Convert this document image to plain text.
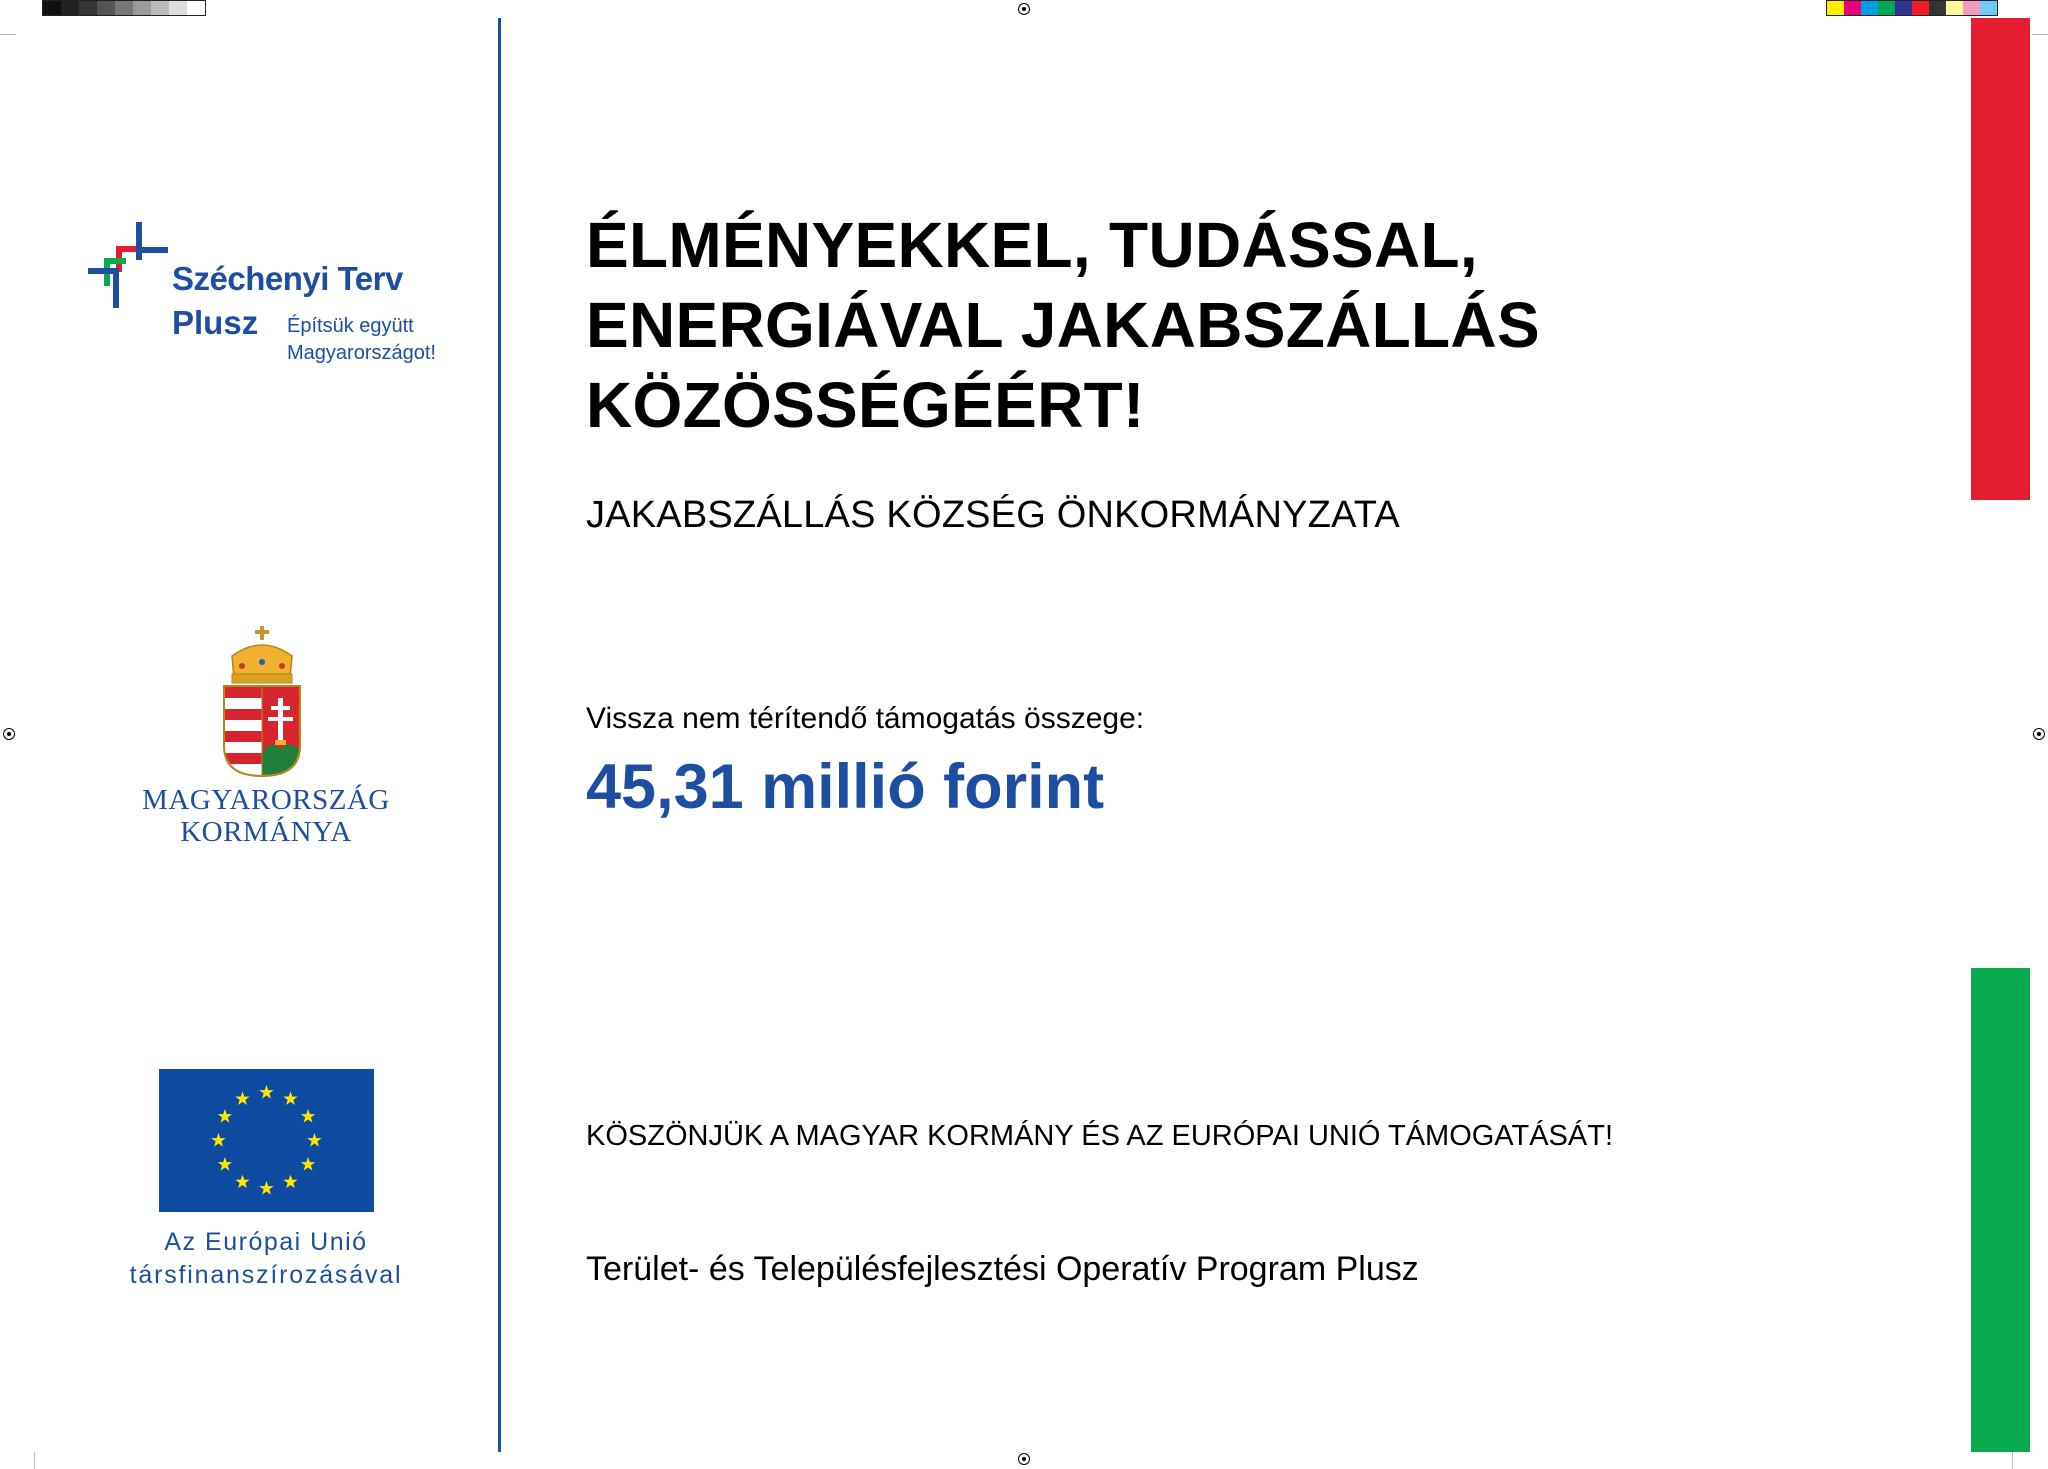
Széchenyi Terv
Plusz Építsük együtt
Magyarországot!
MAGYARORSZÁG
KORMÁNYA
Az Európai Unió
társfinanszírozásával
ÉLMÉNYEKKEL, TUDÁSSAL,
ENERGIÁVAL JAKABSZÁLLÁS
KÖZÖSSÉGÉÉRT!
JAKABSZÁLLÁS KÖZSÉG ÖNKORMÁNYZATA
Vissza nem térítendő támogatás összege:
45,31 millió forint
KÖSZÖNJÜK A MAGYAR KORMÁNY ÉS AZ EURÓPAI UNIÓ TÁMOGATÁSÁT!
Terület- és Településfejlesztési Operatív Program Plusz
